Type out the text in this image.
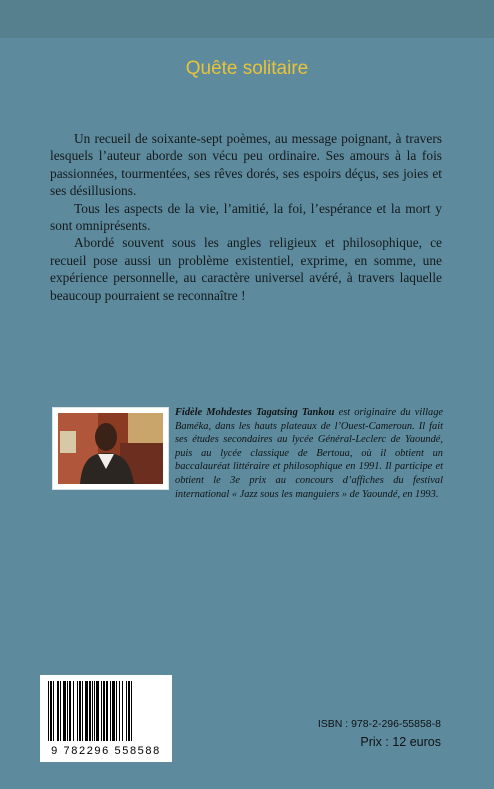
Quête solitaire

Un recueil de soixante-sept poèmes, au message poignant, à travers lesquels l’auteur aborde son vécu peu ordinaire. Ses amours à la fois passionnées, tourmentées, ses rêves dorés, ses espoirs déçus, ses joies et ses désillusions.

Tous les aspects de la vie, l’amitié, la foi, l’espérance et la mort y sont omniprésents.

Abordé souvent sous les angles religieux et philosophique, ce recueil pose aussi un problème existentiel, exprime, en somme, une expérience personnelle, au caractère universel avéré, à travers laquelle beaucoup pourraient se reconnaître !

Fidèle Mohdestes Tagatsing Tankou est originaire du village Baméka, dans les hauts plateaux de l’Ouest-Cameroun. Il fait ses études secondaires au lycée Général-Leclerc de Yaoundé, puis au lycée classique de Bertoua, où il obtient un baccalauréat littéraire et philosophique en 1991. Il participe et obtient le 3e prix au concours d’affiches du festival international « Jazz sous les manguiers » de Yaoundé, en 1993.
9 782296 558588
ISBN : 978-2-296-55858-8
Prix : 12 euros
